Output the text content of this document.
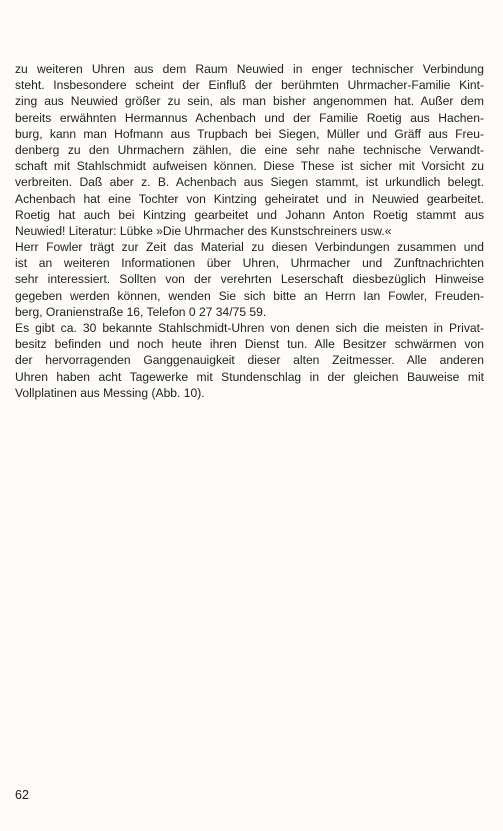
zu weiteren Uhren aus dem Raum Neuwied in enger technischer Verbindung
steht. Insbesondere scheint der Einfluß der berühmten Uhrmacher-Familie Kint-
zing aus Neuwied größer zu sein, als man bisher angenommen hat. Außer dem
bereits erwähnten Hermannus Achenbach und der Familie Roetig aus Hachen-
burg, kann man Hofmann aus Trupbach bei Siegen, Müller und Gräff aus Freu-
denberg zu den Uhrmachern zählen, die eine sehr nahe technische Verwandt-
schaft mit Stahlschmidt aufweisen können. Diese These ist sicher mit Vorsicht zu
verbreiten. Daß aber z. B. Achenbach aus Siegen stammt, ist urkundlich belegt.
Achenbach hat eine Tochter von Kintzing geheiratet und in Neuwied gearbeitet.
Roetig hat auch bei Kintzing gearbeitet und Johann Anton Roetig stammt aus
Neuwied! Literatur: Lübke »Die Uhrmacher des Kunstschreiners usw.«
Herr Fowler trägt zur Zeit das Material zu diesen Verbindungen zusammen und
ist an weiteren Informationen über Uhren, Uhrmacher und Zunftnachrichten
sehr interessiert. Sollten von der verehrten Leserschaft diesbezüglich Hinweise
gegeben werden können, wenden Sie sich bitte an Herrn Ian Fowler, Freuden-
berg, Oranienstraße 16, Telefon 0 27 34/75 59.
Es gibt ca. 30 bekannte Stahlschmidt-Uhren von denen sich die meisten in Privat-
besitz befinden und noch heute ihren Dienst tun. Alle Besitzer schwärmen von
der hervorragenden Ganggenauigkeit dieser alten Zeitmesser. Alle anderen
Uhren haben acht Tagewerke mit Stundenschlag in der gleichen Bauweise mit
Vollplatinen aus Messing (Abb. 10).

62
